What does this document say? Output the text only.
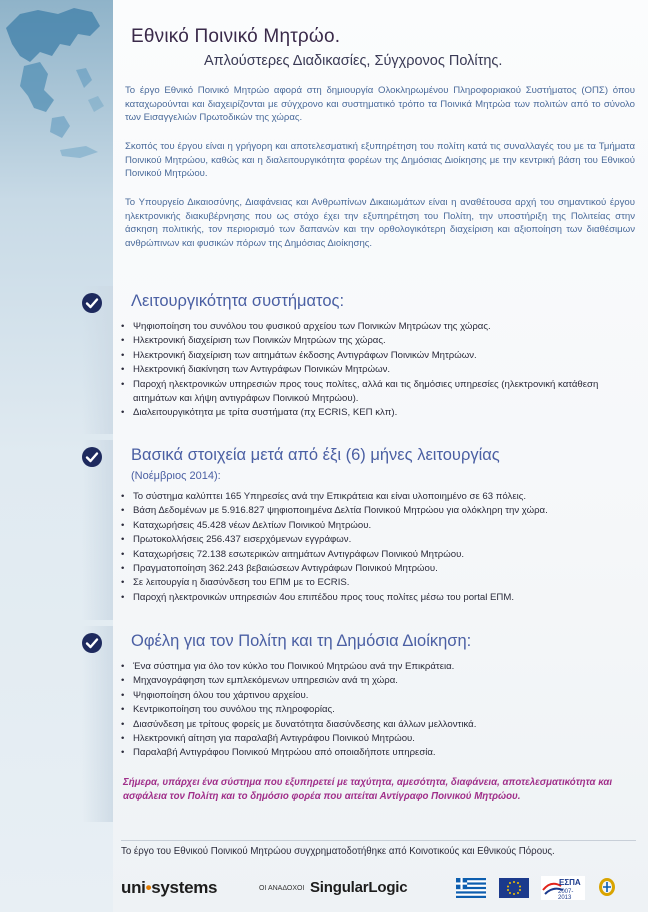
Εθνικό Ποινικό Μητρώο.
Απλούστερες Διαδικασίες, Σύγχρονος Πολίτης.

Το έργο Εθνικό Ποινικό Μητρώο αφορά στη δημιουργία Ολοκληρωμένου Πληροφοριακού Συστήματος (ΟΠΣ) όπου καταχωρούνται και διαχειρίζονται με σύγχρονο και συστηματικό τρόπο τα Ποινικά Μητρώα των πολιτών από το σύνολο των Εισαγγελιών Πρωτοδικών της χώρας.

Σκοπός του έργου είναι η γρήγορη και αποτελεσματική εξυπηρέτηση του πολίτη κατά τις συναλλαγές του με τα Τμήματα Ποινικού Μητρώου, καθώς και η διαλειτουργικότητα φορέων της Δημόσιας Διοίκησης με την κεντρική βάση του Εθνικού Ποινικού Μητρώου.

Το Υπουργείο Δικαιοσύνης, Διαφάνειας και Ανθρωπίνων Δικαιωμάτων είναι η αναθέτουσα αρχή του σημαντικού έργου ηλεκτρονικής διακυβέρνησης που ως στόχο έχει την εξυπηρέτηση του Πολίτη, την υποστήριξη της Πολιτείας στην άσκηση πολιτικής, τον περιορισμό των δαπανών και την ορθολογικότερη διαχείριση και αξιοποίηση των διαθέσιμων ανθρώπινων και φυσικών πόρων της Δημόσιας Διοίκησης.

Λειτουργικότητα συστήματος:
• Ψηφιοποίηση του συνόλου του φυσικού αρχείου των Ποινικών Μητρώων της χώρας.
• Ηλεκτρονική διαχείριση των Ποινικών Μητρώων της χώρας.
• Ηλεκτρονική διαχείριση των αιτημάτων έκδοσης Αντιγράφων Ποινικών Μητρώων.
• Ηλεκτρονική διακίνηση των Αντιγράφων Ποινικών Μητρώων.
• Παροχή ηλεκτρονικών υπηρεσιών προς τους πολίτες, αλλά και τις δημόσιες υπηρεσίες (ηλεκτρονική κατάθεση αιτημάτων και λήψη αντιγράφων Ποινικού Μητρώου).
• Διαλειτουργικότητα με τρίτα συστήματα (πχ ECRIS, ΚΕΠ κλπ).
Βασικά στοιχεία μετά από έξι (6) μήνες λειτουργίας
(Νοέμβριος 2014):
• Το σύστημα καλύπτει 165 Υπηρεσίες ανά την Επικράτεια και είναι υλοποιημένο σε 63 πόλεις.
• Βάση Δεδομένων με 5.916.827 ψηφιοποιημένα Δελτία Ποινικού Μητρώου για ολόκληρη την χώρα.
• Καταχωρήσεις 45.428 νέων Δελτίων Ποινικού Μητρώου.
• Πρωτοκολλήσεις 256.437 εισερχόμενων εγγράφων.
• Καταχωρήσεις 72.138 εσωτερικών αιτημάτων Αντιγράφων Ποινικού Μητρώου.
• Πραγματοποίηση 362.243 βεβαιώσεων Αντιγράφων Ποινικού Μητρώου.
• Σε λειτουργία η διασύνδεση του ΕΠΜ με το ECRIS.
• Παροχή ηλεκτρονικών υπηρεσιών 4ου επιπέδου προς τους πολίτες μέσω του portal ΕΠΜ.
Οφέλη για τον Πολίτη και τη Δημόσια Διοίκηση:
• Ένα σύστημα για όλο τον κύκλο του Ποινικού Μητρώου ανά την Επικράτεια.
• Μηχανογράφηση των εμπλεκόμενων υπηρεσιών ανά τη χώρα.
• Ψηφιοποίηση όλου του χάρτινου αρχείου.
• Κεντρικοποίηση του συνόλου της πληροφορίας.
• Διασύνδεση με τρίτους φορείς με δυνατότητα διασύνδεσης και άλλων μελλοντικά.
• Ηλεκτρονική αίτηση για παραλαβή Αντιγράφου Ποινικού Μητρώου.
• Παραλαβή Αντιγράφου Ποινικού Μητρώου από οποιαδήποτε υπηρεσία.

Σήμερα, υπάρχει ένα σύστημα που εξυπηρετεί με ταχύτητα, αμεσότητα, διαφάνεια, αποτελεσματικότητα και ασφάλεια τον Πολίτη και το δημόσιο φορέα που αιτείται Αντίγραφο Ποινικού Μητρώου.

Το έργο του Εθνικού Ποινικού Μητρώου συγχρηματοδοτήθηκε από Κοινοτικούς και Εθνικούς Πόρους.

uni•systems	ΟΙ ΑΝΑΔΟΧΟΙ SingularLogic	ΕΣΠΑ
2007-2013
